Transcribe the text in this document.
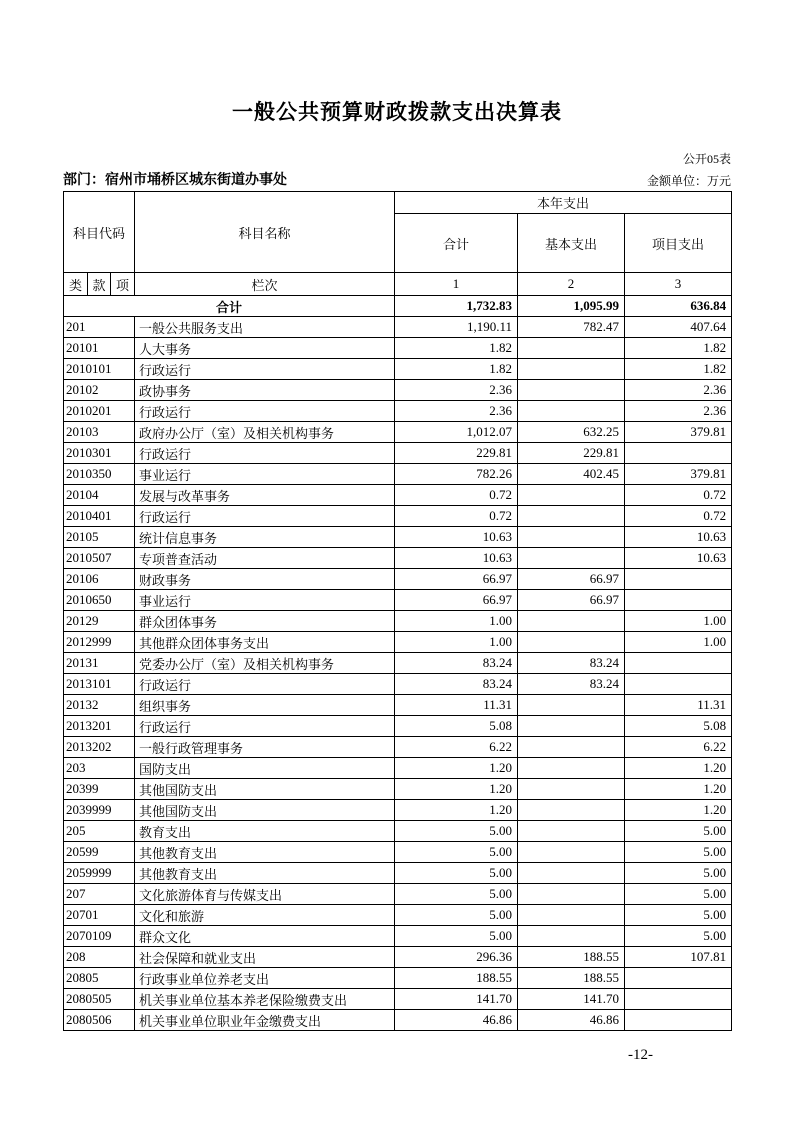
一般公共预算财政拨款支出决算表
公开05表
部门：宿州市埇桥区城东街道办事处	金额单位：万元
科目代码			科目名称	本年支出		
				合计	基本支出	项目支出
类	款	项	栏次	1	2	3
合计				1,732.83	1,095.99	636.84
201			一般公共服务支出	1,190.11	782.47	407.64
20101			人大事务	1.82		1.82
2010101			行政运行	1.82		1.82
20102			政协事务	2.36		2.36
2010201			行政运行	2.36		2.36
20103			政府办公厅（室）及相关机构事务	1,012.07	632.25	379.81
2010301			行政运行	229.81	229.81	
2010350			事业运行	782.26	402.45	379.81
20104			发展与改革事务	0.72		0.72
2010401			行政运行	0.72		0.72
20105			统计信息事务	10.63		10.63
2010507			专项普查活动	10.63		10.63
20106			财政事务	66.97	66.97	
2010650			事业运行	66.97	66.97	
20129			群众团体事务	1.00		1.00
2012999			其他群众团体事务支出	1.00		1.00
20131			党委办公厅（室）及相关机构事务	83.24	83.24	
2013101			行政运行	83.24	83.24	
20132			组织事务	11.31		11.31
2013201			行政运行	5.08		5.08
2013202			一般行政管理事务	6.22		6.22
203			国防支出	1.20		1.20
20399			其他国防支出	1.20		1.20
2039999			其他国防支出	1.20		1.20
205			教育支出	5.00		5.00
20599			其他教育支出	5.00		5.00
2059999			其他教育支出	5.00		5.00
207			文化旅游体育与传媒支出	5.00		5.00
20701			文化和旅游	5.00		5.00
2070109			群众文化	5.00		5.00
208			社会保障和就业支出	296.36	188.55	107.81
20805			行政事业单位养老支出	188.55	188.55	
2080505			机关事业单位基本养老保险缴费支出	141.70	141.70	
2080506			机关事业单位职业年金缴费支出	46.86	46.86	
-12-
